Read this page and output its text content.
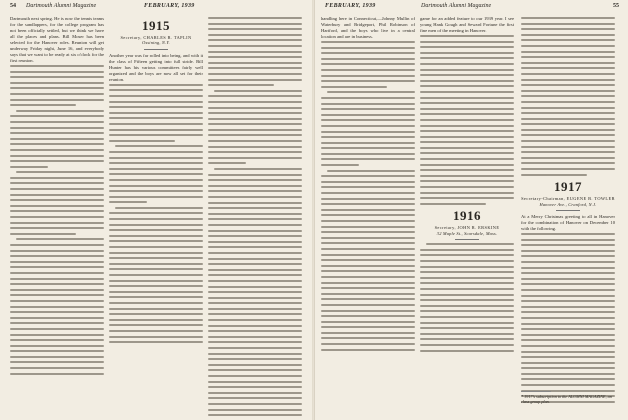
54 Dartmouth Alumni Magazine	FEBRUARY, 1939

Dartmouth next spring. He is now the tennis teams for the sandlappers, for the college program has not been officially settled, but we think we have all the places and plans. Bill Moser has been selected for the Hanover roles. Reunion will get underway Friday night, June 16, and everybody says that we want to be ready at six o'clock for the first reunion.

1915
Secretary, CHARLES R. TAPLIN
Ossining, N.Y.

Another year was far rolled into being, and with it the class of Fifteen getting into full stride. Bill Hunter has his various committees fairly well organized and the boys are now all set for their reunion.

FEBRUARY, 1939	Dartmouth Alumni Magazine	55

handling here in Connecticut,—Johnny Mullin of Waterbury and Bridgeport, Phil Robinson of Hartford, and the boys who live in a central location and are in business.

game for an added feature to our 1939 year. I see young Hank Gough and Seward Fortune the first fine men of the meeting in Hanover.

1916
Secretary, JOHN R. ERSKINE
32 Maple St., Scarsdale, Mass.
1917
Secretary-Chairman, EUGENE B. TOWLER
Hanover Ave., Cranford, N.J.

At a Merry Christmas greeting to all in Hanover for the combination of Hanover on December 10 with the following.

* 1917's subscription to the ALUMNI MAGAZINE, an class group plan.
